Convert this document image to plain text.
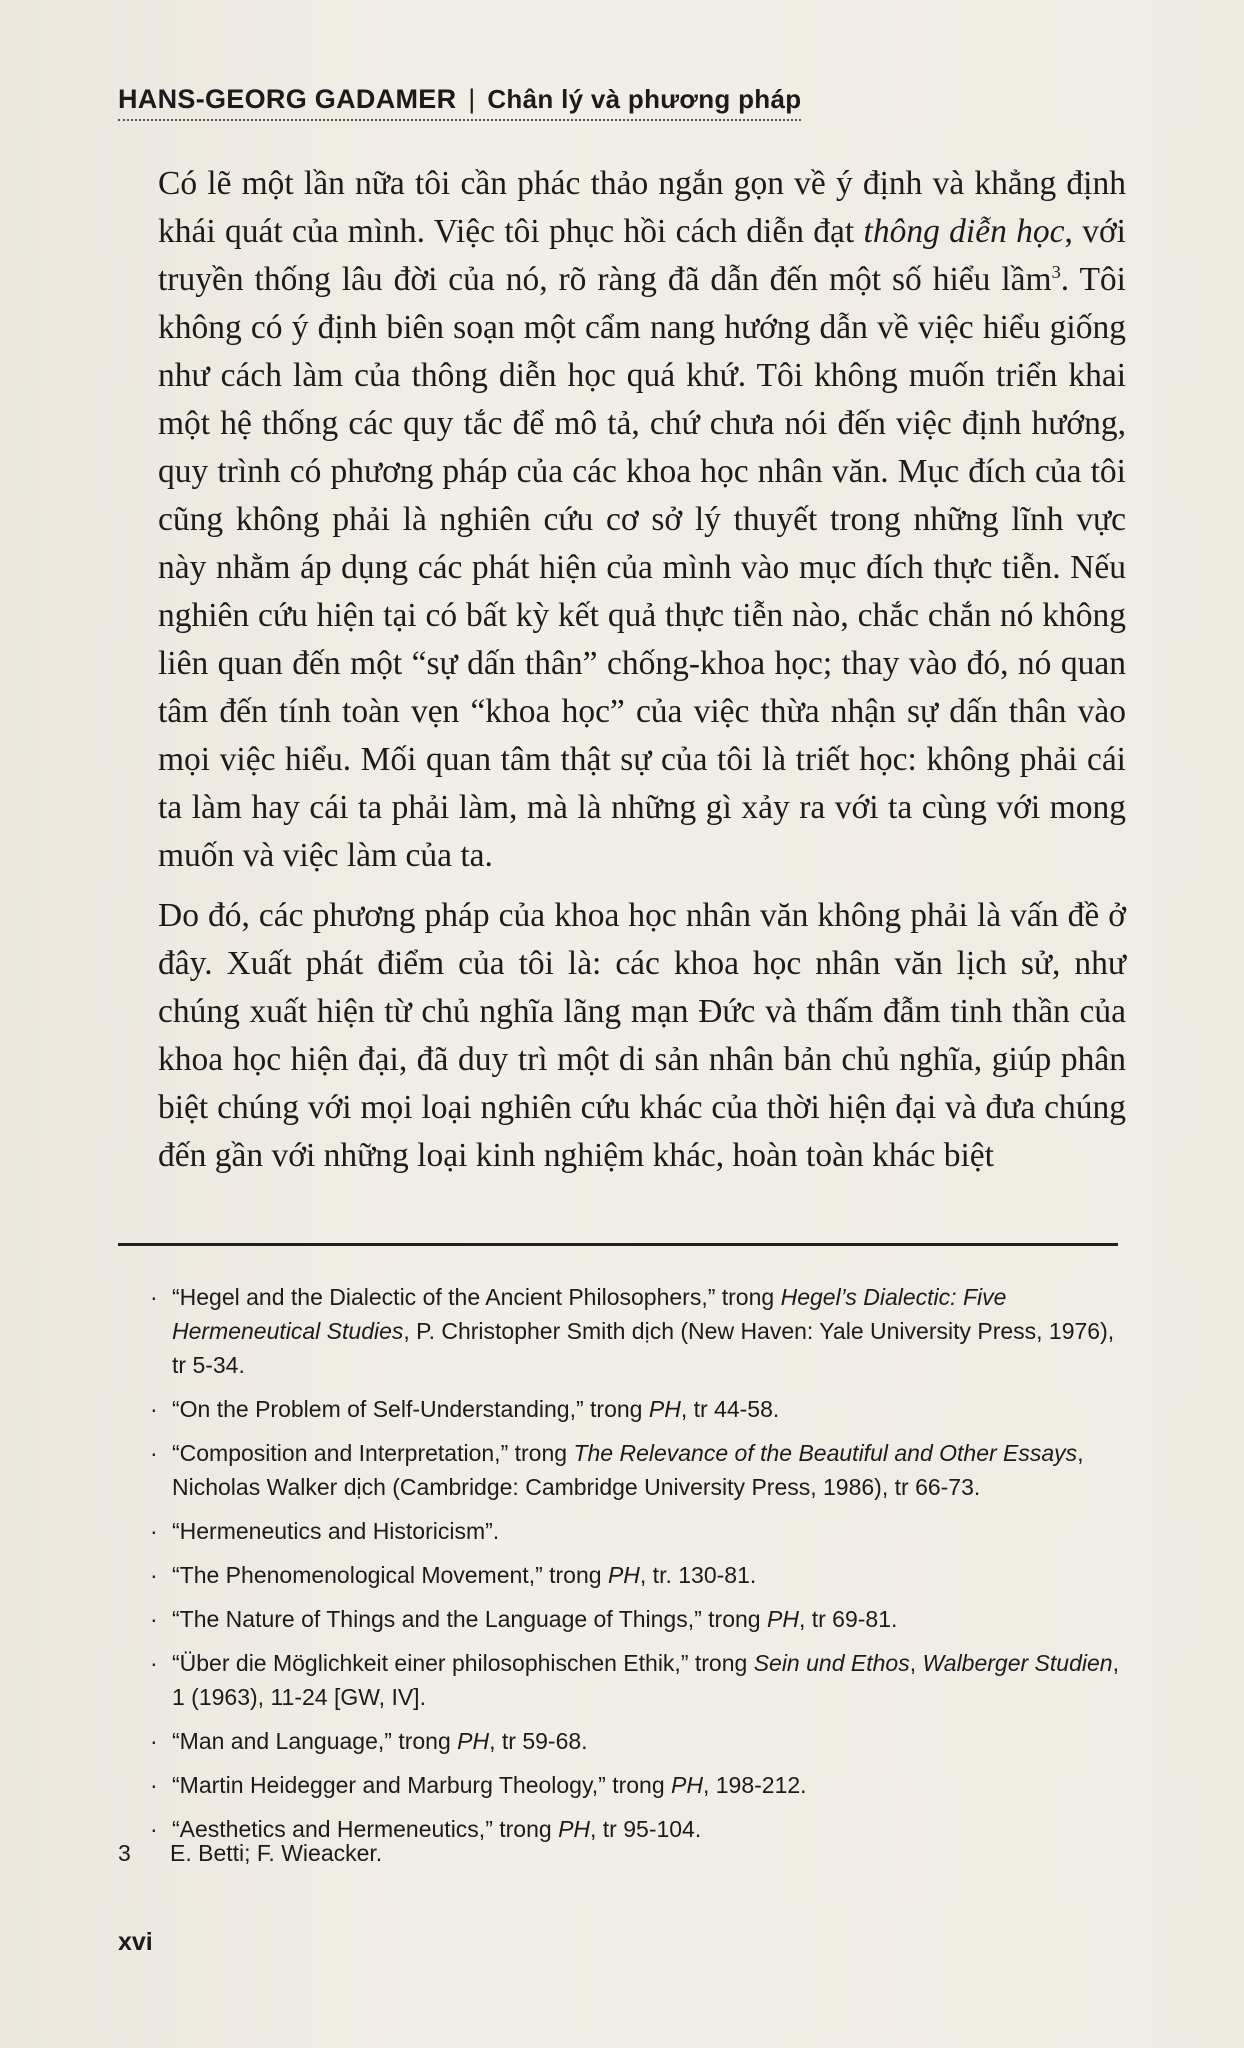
HANS-GEORG GADAMER | Chân lý và phương pháp

Có lẽ một lần nữa tôi cần phác thảo ngắn gọn về ý định và khẳng định khái quát của mình. Việc tôi phục hồi cách diễn đạt thông diễn học, với truyền thống lâu đời của nó, rõ ràng đã dẫn đến một số hiểu lầm$^3$. Tôi không có ý định biên soạn một cẩm nang hướng dẫn về việc hiểu giống như cách làm của thông diễn học quá khứ. Tôi không muốn triển khai một hệ thống các quy tắc để mô tả, chứ chưa nói đến việc định hướng, quy trình có phương pháp của các khoa học nhân văn. Mục đích của tôi cũng không phải là nghiên cứu cơ sở lý thuyết trong những lĩnh vực này nhằm áp dụng các phát hiện của mình vào mục đích thực tiễn. Nếu nghiên cứu hiện tại có bất kỳ kết quả thực tiễn nào, chắc chắn nó không liên quan đến một “sự dấn thân” chống-khoa học; thay vào đó, nó quan tâm đến tính toàn vẹn “khoa học” của việc thừa nhận sự dấn thân vào mọi việc hiểu. Mối quan tâm thật sự của tôi là triết học: không phải cái ta làm hay cái ta phải làm, mà là những gì xảy ra với ta cùng với mong muốn và việc làm của ta.

Do đó, các phương pháp của khoa học nhân văn không phải là vấn đề ở đây. Xuất phát điểm của tôi là: các khoa học nhân văn lịch sử, như chúng xuất hiện từ chủ nghĩa lãng mạn Đức và thấm đẫm tinh thần của khoa học hiện đại, đã duy trì một di sản nhân bản chủ nghĩa, giúp phân biệt chúng với mọi loại nghiên cứu khác của thời hiện đại và đưa chúng đến gần với những loại kinh nghiệm khác, hoàn toàn khác biệt

· “Hegel and the Dialectic of the Ancient Philosophers,” trong Hegel’s Dialectic: Five Hermeneutical Studies, P. Christopher Smith dịch (New Haven: Yale University Press, 1976), tr 5-34.
· “On the Problem of Self-Understanding,” trong PH, tr 44-58.
· “Composition and Interpretation,” trong The Relevance of the Beautiful and Other Essays, Nicholas Walker dịch (Cambridge: Cambridge University Press, 1986), tr 66-73.
· “Hermeneutics and Historicism”.
· “The Phenomenological Movement,” trong PH, tr. 130-81.
· “The Nature of Things and the Language of Things,” trong PH, tr 69-81.
· “Über die Möglichkeit einer philosophischen Ethik,” trong Sein und Ethos, Walberger Studien, 1 (1963), 11-24 [GW, IV].
· “Man and Language,” trong PH, tr 59-68.
· “Martin Heidegger and Marburg Theology,” trong PH, 198-212.
· “Aesthetics and Hermeneutics,” trong PH, tr 95-104.
3 E. Betti; F. Wieacker.
xvi
